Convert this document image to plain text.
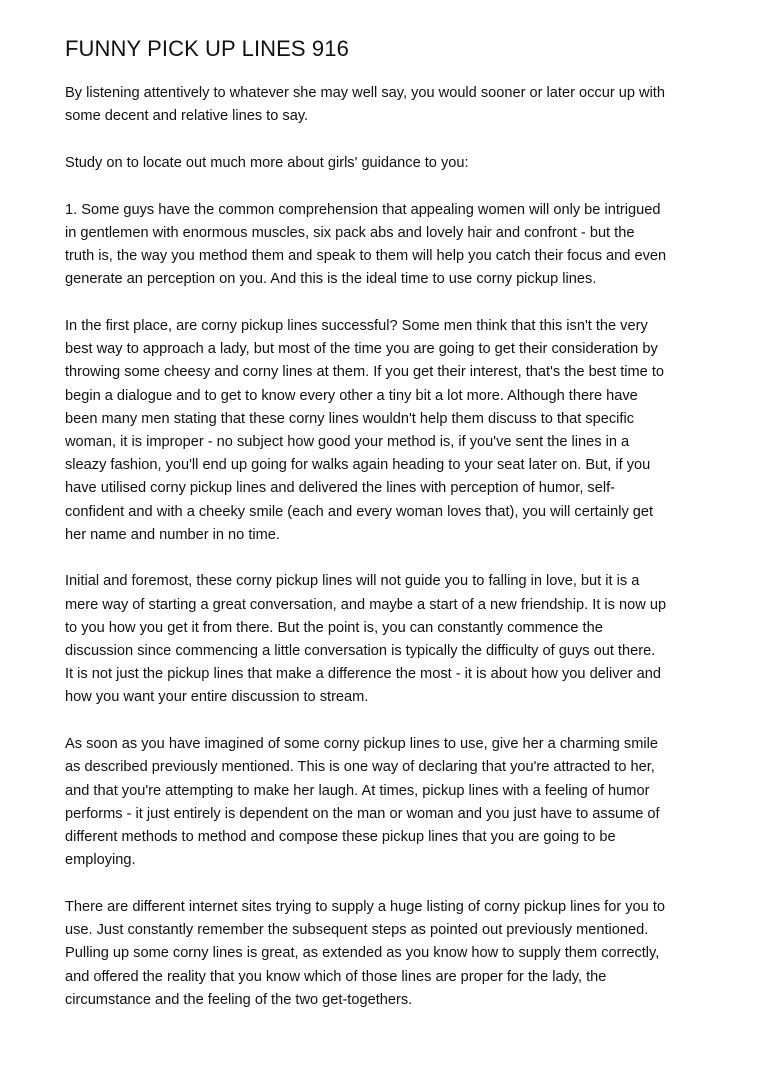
FUNNY PICK UP LINES 916

By listening attentively to whatever she may well say, you would sooner or later occur up with
some decent and relative lines to say.

Study on to locate out much more about girls' guidance to you:

1. Some guys have the common comprehension that appealing women will only be intrigued
in gentlemen with enormous muscles, six pack abs and lovely hair and confront - but the
truth is, the way you method them and speak to them will help you catch their focus and even
generate an perception on you. And this is the ideal time to use corny pickup lines.

In the first place, are corny pickup lines successful? Some men think that this isn't the very
best way to approach a lady, but most of the time you are going to get their consideration by
throwing some cheesy and corny lines at them. If you get their interest, that's the best time to
begin a dialogue and to get to know every other a tiny bit a lot more. Although there have
been many men stating that these corny lines wouldn't help them discuss to that specific
woman, it is improper - no subject how good your method is, if you've sent the lines in a
sleazy fashion, you'll end up going for walks again heading to your seat later on. But, if you
have utilised corny pickup lines and delivered the lines with perception of humor, self-
confident and with a cheeky smile (each and every woman loves that), you will certainly get
her name and number in no time.

Initial and foremost, these corny pickup lines will not guide you to falling in love, but it is a
mere way of starting a great conversation, and maybe a start of a new friendship. It is now up
to you how you get it from there. But the point is, you can constantly commence the
discussion since commencing a little conversation is typically the difficulty of guys out there.
It is not just the pickup lines that make a difference the most - it is about how you deliver and
how you want your entire discussion to stream.

As soon as you have imagined of some corny pickup lines to use, give her a charming smile
as described previously mentioned. This is one way of declaring that you're attracted to her,
and that you're attempting to make her laugh. At times, pickup lines with a feeling of humor
performs - it just entirely is dependent on the man or woman and you just have to assume of
different methods to method and compose these pickup lines that you are going to be
employing.

There are different internet sites trying to supply a huge listing of corny pickup lines for you to
use. Just constantly remember the subsequent steps as pointed out previously mentioned.
Pulling up some corny lines is great, as extended as you know how to supply them correctly,
and offered the reality that you know which of those lines are proper for the lady, the
circumstance and the feeling of the two get-togethers.
